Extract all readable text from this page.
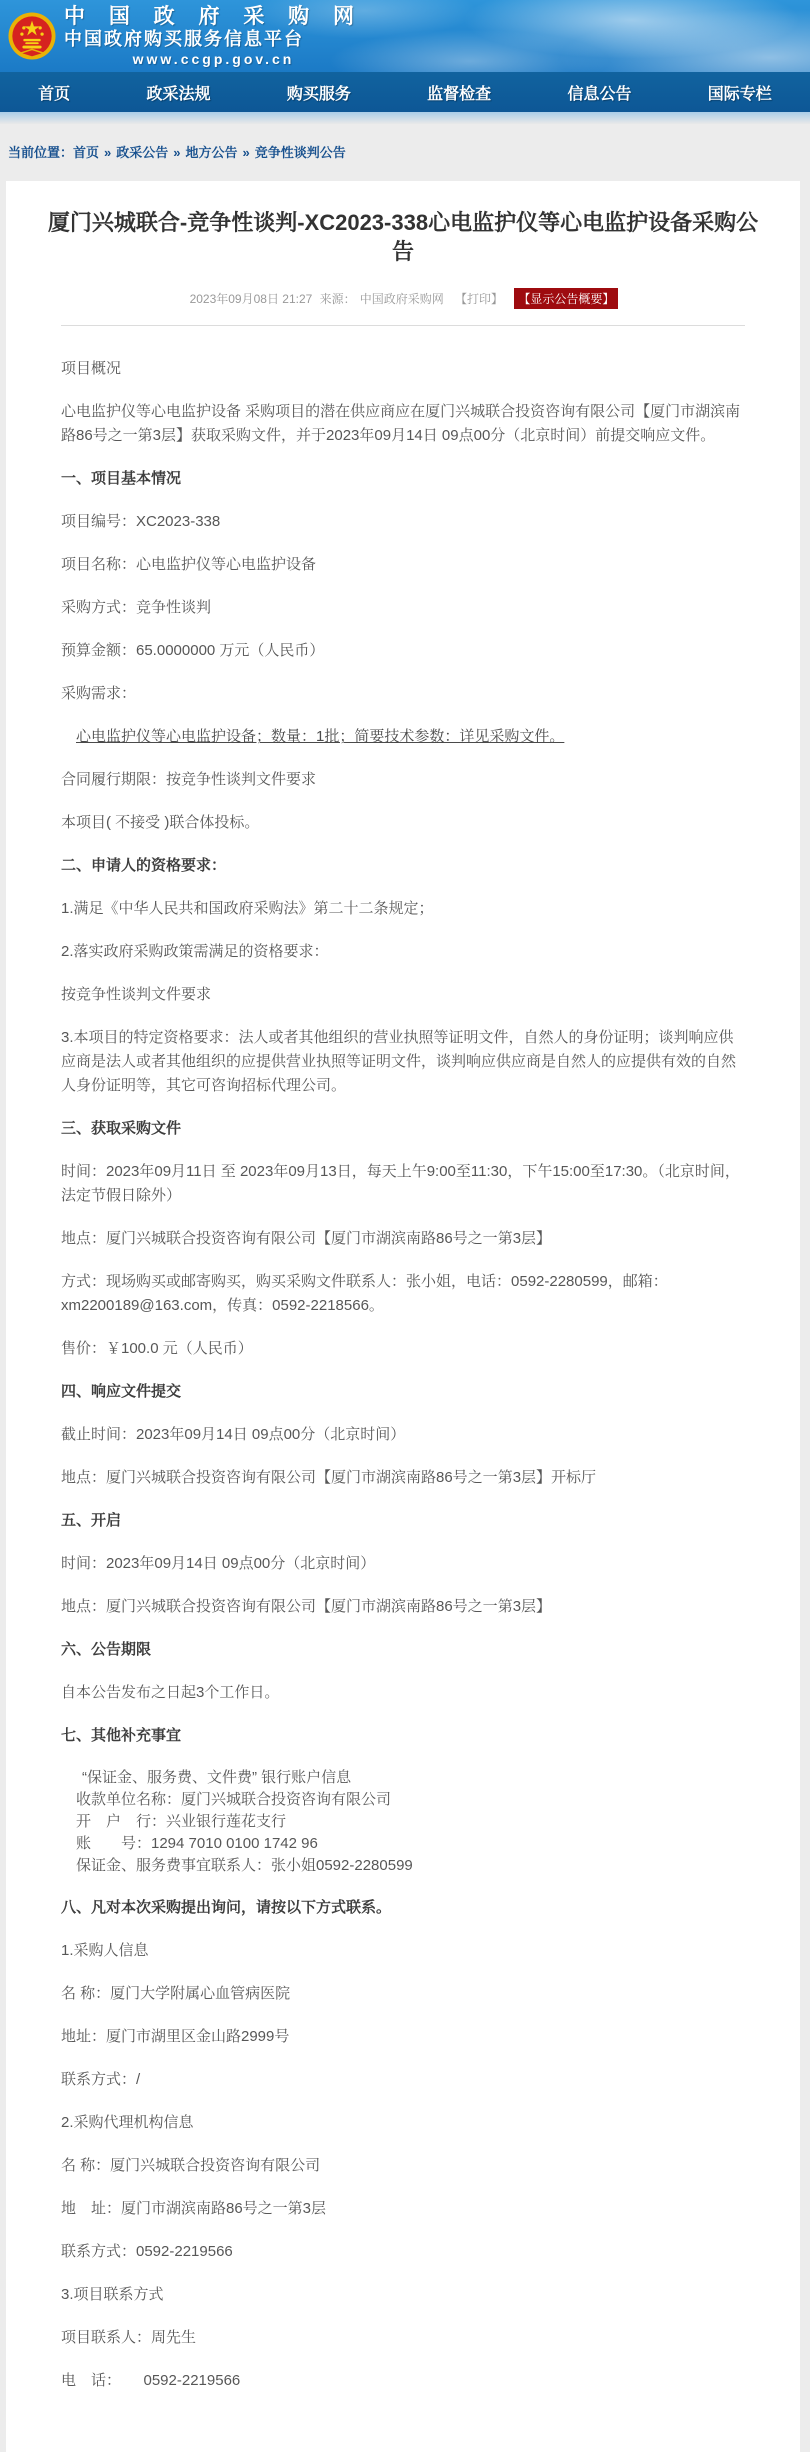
中 国 政 府 采 购 网
中国政府购买服务信息平台
www.ccgp.gov.cn
首页	政采法规	购买服务	监督检查	信息公告	国际专栏
当前位置：首页 » 政采公告 » 地方公告 » 竞争性谈判公告
厦门兴城联合-竞争性谈判-XC2023-338心电监护仪等心电监护设备采购公告
2023年09月08日 21:27 来源： 中国政府采购网 【打印】 【显示公告概要】

项目概况

心电监护仪等心电监护设备 采购项目的潜在供应商应在厦门兴城联合投资咨询有限公司【厦门市湖滨南路86号之一第3层】获取采购文件，并于2023年09月14日 09点00分（北京时间）前提交响应文件。

一、项目基本情况

项目编号：XC2023-338

项目名称：心电监护仪等心电监护设备

采购方式：竞争性谈判

预算金额：65.0000000 万元（人民币）

采购需求：

心电监护仪等心电监护设备；数量：1批；简要技术参数：详见采购文件。

合同履行期限：按竞争性谈判文件要求

本项目( 不接受 )联合体投标。

二、申请人的资格要求：

1.满足《中华人民共和国政府采购法》第二十二条规定；

2.落实政府采购政策需满足的资格要求：

按竞争性谈判文件要求

3.本项目的特定资格要求：法人或者其他组织的营业执照等证明文件，自然人的身份证明；谈判响应供应商是法人或者其他组织的应提供营业执照等证明文件，谈判响应供应商是自然人的应提供有效的自然人身份证明等，其它可咨询招标代理公司。

三、获取采购文件

时间：2023年09月11日 至 2023年09月13日，每天上午9:00至11:30，下午15:00至17:30。（北京时间，法定节假日除外）

地点：厦门兴城联合投资咨询有限公司【厦门市湖滨南路86号之一第3层】

方式：现场购买或邮寄购买，购买采购文件联系人：张小姐，电话：0592-2280599，邮箱：xm2200189@163.com，传真：0592-2218566。

售价：￥100.0 元（人民币）

四、响应文件提交

截止时间：2023年09月14日 09点00分（北京时间）

地点：厦门兴城联合投资咨询有限公司【厦门市湖滨南路86号之一第3层】开标厅

五、开启

时间：2023年09月14日 09点00分（北京时间）

地点：厦门兴城联合投资咨询有限公司【厦门市湖滨南路86号之一第3层】

六、公告期限

自本公告发布之日起3个工作日。

七、其他补充事宜

“保证金、服务费、文件费” 银行账户信息
收款单位名称：厦门兴城联合投资咨询有限公司
开　户　行：兴业银行莲花支行
账　　号：1294 7010 0100 1742 96
保证金、服务费事宜联系人：张小姐0592-2280599

八、凡对本次采购提出询问，请按以下方式联系。

1.采购人信息

名 称：厦门大学附属心血管病医院

地址：厦门市湖里区金山路2999号

联系方式：/

2.采购代理机构信息

名 称：厦门兴城联合投资咨询有限公司

地　址：厦门市湖滨南路86号之一第3层

联系方式：0592-2219566

3.项目联系方式

项目联系人：周先生

电　话：　　0592-2219566
